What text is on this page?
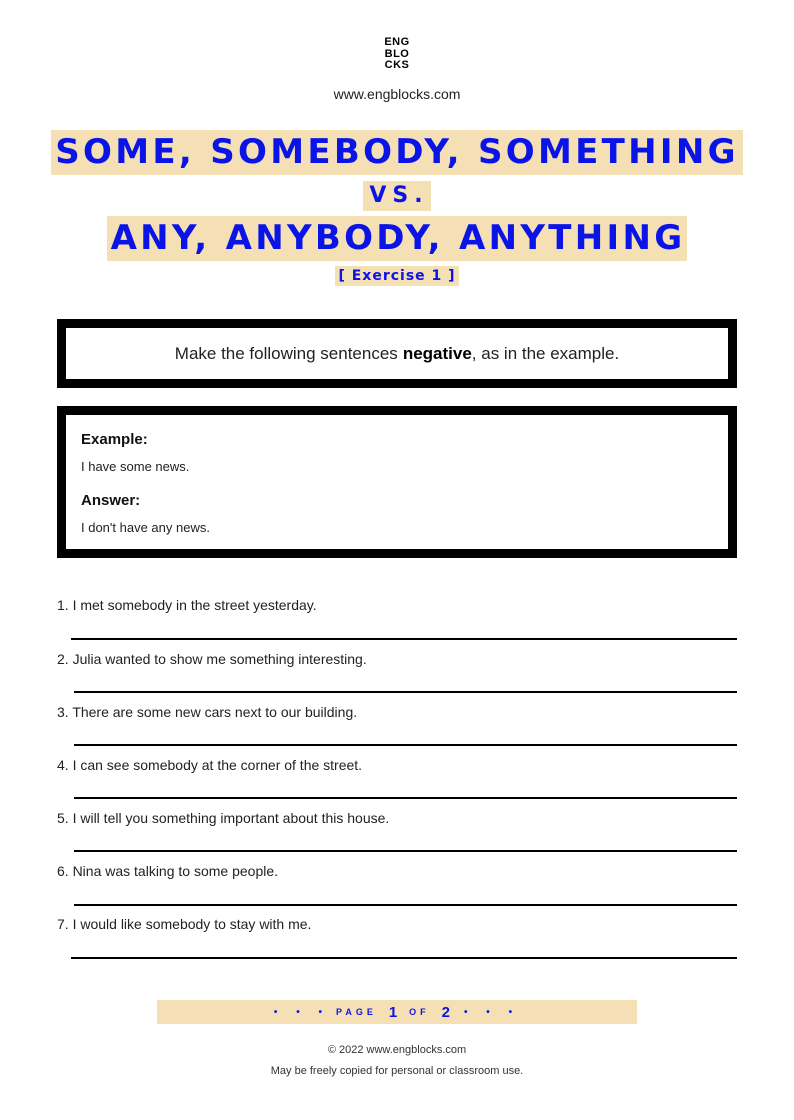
ENG
BLO
CKS
www.engblocks.com
SOME, SOMEBODY, SOMETHING
VS.
ANY, ANYBODY, ANYTHING
[ Exercise 1 ]
Make the following sentences negative , as in the example.
Example:
I have some news.
Answer:
I don't have any news.
1. I met somebody in the street yesterday.
2. Julia wanted to show me something interesting.
3. There are some new cars next to our building.
4. I can see somebody at the corner of the street.
5. I will tell you something important about this house.
6. Nina was talking to some people.
7. I would like somebody to stay with me.
• • • PAGE 1 OF 2 • • •
© 2022 www.engblocks.com
May be freely copied for personal or classroom use.
